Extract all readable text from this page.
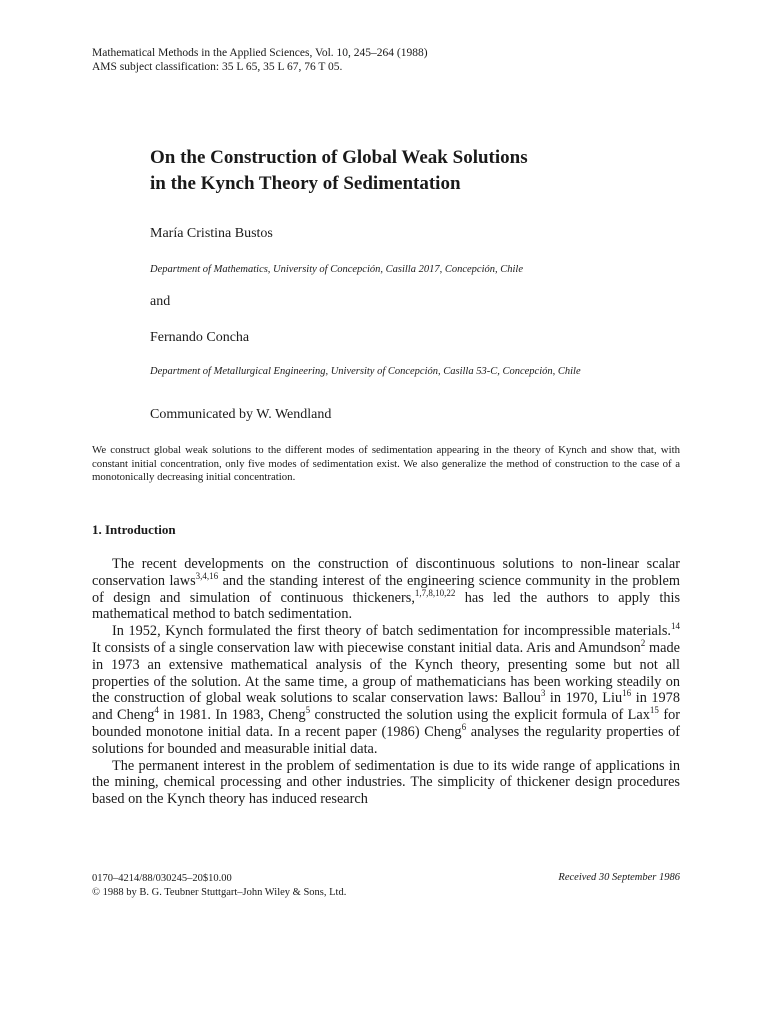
Mathematical Methods in the Applied Sciences, Vol. 10, 245–264 (1988)
AMS subject classification: 35 L 65, 35 L 67, 76 T 05.
On the Construction of Global Weak Solutions
in the Kynch Theory of Sedimentation
María Cristina Bustos
Department of Mathematics, University of Concepción, Casilla 2017, Concepción, Chile
and
Fernando Concha
Department of Metallurgical Engineering, University of Concepción, Casilla 53-C, Concepción, Chile
Communicated by W. Wendland
We construct global weak solutions to the different modes of sedimentation appearing in the theory of Kynch and show that, with constant initial concentration, only five modes of sedimentation exist. We also generalize the method of construction to the case of a monotonically decreasing initial concentration.
1. Introduction

The recent developments on the construction of discontinuous solutions to non-linear scalar conservation laws$^{3,4,16}$ and the standing interest of the engineering science community in the problem of design and simulation of continuous thickeners,$^{1,7,8,10,22}$ has led the authors to apply this mathematical method to batch sedimentation.

In 1952, Kynch formulated the first theory of batch sedimentation for incompressible materials.$^{14}$ It consists of a single conservation law with piecewise constant initial data. Aris and Amundson$^2$ made in 1973 an extensive mathematical analysis of the Kynch theory, presenting some but not all properties of the solution. At the same time, a group of mathematicians has been working steadily on the construction of global weak solutions to scalar conservation laws: Ballou$^3$ in 1970, Liu$^{16}$ in 1978 and Cheng$^4$ in 1981. In 1983, Cheng$^5$ constructed the solution using the explicit formula of Lax$^{15}$ for bounded monotone initial data. In a recent paper (1986) Cheng$^6$ analyses the regularity properties of solutions for bounded and measurable initial data.

The permanent interest in the problem of sedimentation is due to its wide range of applications in the mining, chemical processing and other industries. The simplicity of thickener design procedures based on the Kynch theory has induced research

0170–4214/88/030245–20$10.00
© 1988 by B. G. Teubner Stuttgart–John Wiley & Sons, Ltd.
Received 30 September 1986
